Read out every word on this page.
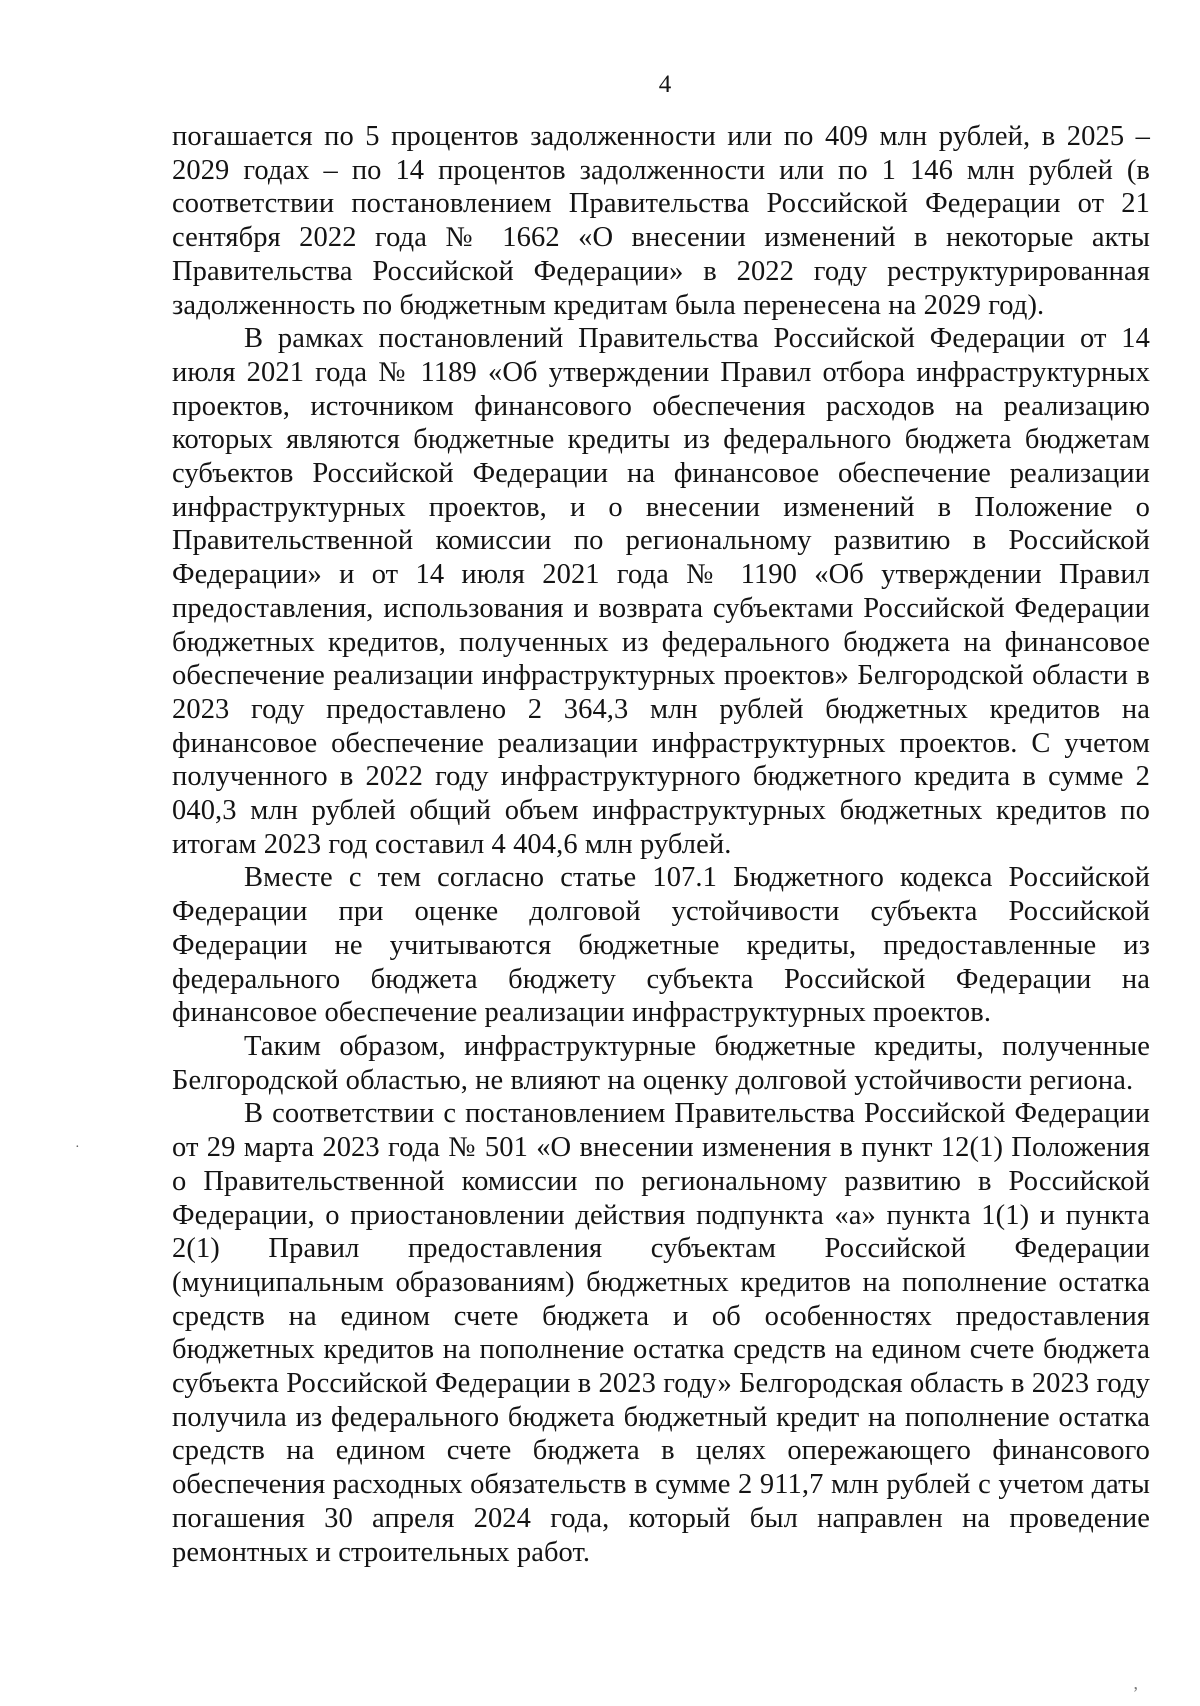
4

погашается по 5 процентов задолженности или по 409 млн рублей, в 2025 – 2029 годах – по 14 процентов задолженности или по 1 146 млн рублей (в соответствии постановлением Правительства Российской Федерации от 21 сентября 2022 года № 1662 «О внесении изменений в некоторые акты Правительства Российской Федерации» в 2022 году реструктурированная задолженность по бюджетным кредитам была перенесена на 2029 год).

В рамках постановлений Правительства Российской Федерации от 14 июля 2021 года № 1189 «Об утверждении Правил отбора инфраструктурных проектов, источником финансового обеспечения расходов на реализацию которых являются бюджетные кредиты из федерального бюджета бюджетам субъектов Российской Федерации на финансовое обеспечение реализации инфраструктурных проектов, и о внесении изменений в Положение о Правительственной комиссии по региональному развитию в Российской Федерации» и от 14 июля 2021 года № 1190 «Об утверждении Правил предоставления, использования и возврата субъектами Российской Федерации бюджетных кредитов, полученных из федерального бюджета на финансовое обеспечение реализации инфраструктурных проектов» Белгородской области в 2023 году предоставлено 2 364,3 млн рублей бюджетных кредитов на финансовое обеспечение реализации инфраструктурных проектов. С учетом полученного в 2022 году инфраструктурного бюджетного кредита в сумме 2 040,3 млн рублей общий объем инфраструктурных бюджетных кредитов по итогам 2023 год составил 4 404,6 млн рублей.

Вместе с тем согласно статье 107.1 Бюджетного кодекса Российской Федерации при оценке долговой устойчивости субъекта Российской Федерации не учитываются бюджетные кредиты, предоставленные из федерального бюджета бюджету субъекта Российской Федерации на финансовое обеспечение реализации инфраструктурных проектов.

Таким образом, инфраструктурные бюджетные кредиты, полученные Белгородской областью, не влияют на оценку долговой устойчивости региона.

В соответствии с постановлением Правительства Российской Федерации от 29 марта 2023 года № 501 «О внесении изменения в пункт 12(1) Положения о Правительственной комиссии по региональному развитию в Российской Федерации, о приостановлении действия подпункта «а» пункта 1(1) и пункта 2(1) Правил предоставления субъектам Российской Федерации (муниципальным образованиям) бюджетных кредитов на пополнение остатка средств на едином счете бюджета и об особенностях предоставления бюджетных кредитов на пополнение остатка средств на едином счете бюджета субъекта Российской Федерации в 2023 году» Белгородская область в 2023 году получила из федерального бюджета бюджетный кредит на пополнение остатка средств на едином счете бюджета в целях опережающего финансового обеспечения расходных обязательств в сумме 2 911,7 млн рублей с учетом даты погашения 30 апреля 2024 года, который был направлен на проведение ремонтных и строительных работ.

·
,
